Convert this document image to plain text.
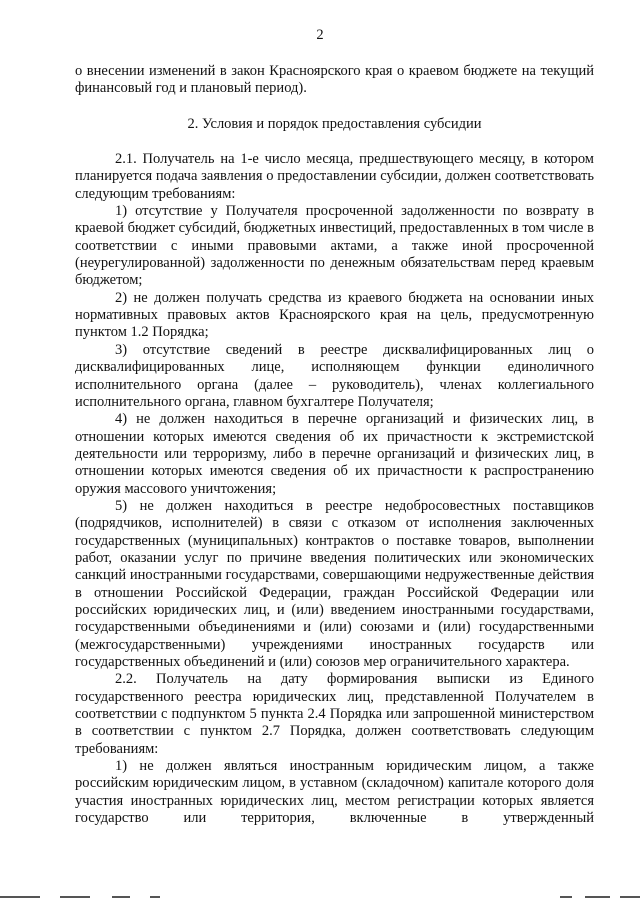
2

о внесении изменений в закон Красноярского края о краевом бюджете на текущий финансовый год и плановый период).

2. Условия и порядок предоставления субсидии

2.1. Получатель на 1-е число месяца, предшествующего месяцу, в котором планируется подача заявления о предоставлении субсидии, должен соответствовать следующим требованиям:

1) отсутствие у Получателя просроченной задолженности по возврату в краевой бюджет субсидий, бюджетных инвестиций, предоставленных в том числе в соответствии с иными правовыми актами, а также иной просроченной (неурегулированной) задолженности по денежным обязательствам перед краевым бюджетом;

2) не должен получать средства из краевого бюджета на основании иных нормативных правовых актов Красноярского края на цель, предусмотренную пунктом 1.2 Порядка;

3) отсутствие сведений в реестре дисквалифицированных лиц о дисквалифицированных лице, исполняющем функции единоличного исполнительного органа (далее – руководитель), членах коллегиального исполнительного органа, главном бухгалтере Получателя;

4) не должен находиться в перечне организаций и физических лиц, в отношении которых имеются сведения об их причастности к экстремистской деятельности или терроризму, либо в перечне организаций и физических лиц, в отношении которых имеются сведения об их причастности к распространению оружия массового уничтожения;

5) не должен находиться в реестре недобросовестных поставщиков (подрядчиков, исполнителей) в связи с отказом от исполнения заключенных государственных (муниципальных) контрактов о поставке товаров, выполнении работ, оказании услуг по причине введения политических или экономических санкций иностранными государствами, совершающими недружественные действия в отношении Российской Федерации, граждан Российской Федерации или российских юридических лиц, и (или) введением иностранными государствами, государственными объединениями и (или) союзами и (или) государственными (межгосударственными) учреждениями иностранных государств или государственных объединений и (или) союзов мер ограничительного характера.

2.2. Получатель на дату формирования выписки из Единого государственного реестра юридических лиц, представленной Получателем в соответствии с подпунктом 5 пункта 2.4 Порядка или запрошенной министерством в соответствии с пунктом 2.7 Порядка, должен соответствовать следующим требованиям:

1) не должен являться иностранным юридическим лицом, а также российским юридическим лицом, в уставном (складочном) капитале которого доля участия иностранных юридических лиц, местом регистрации которых является государство или территория, включенные в утвержденный
